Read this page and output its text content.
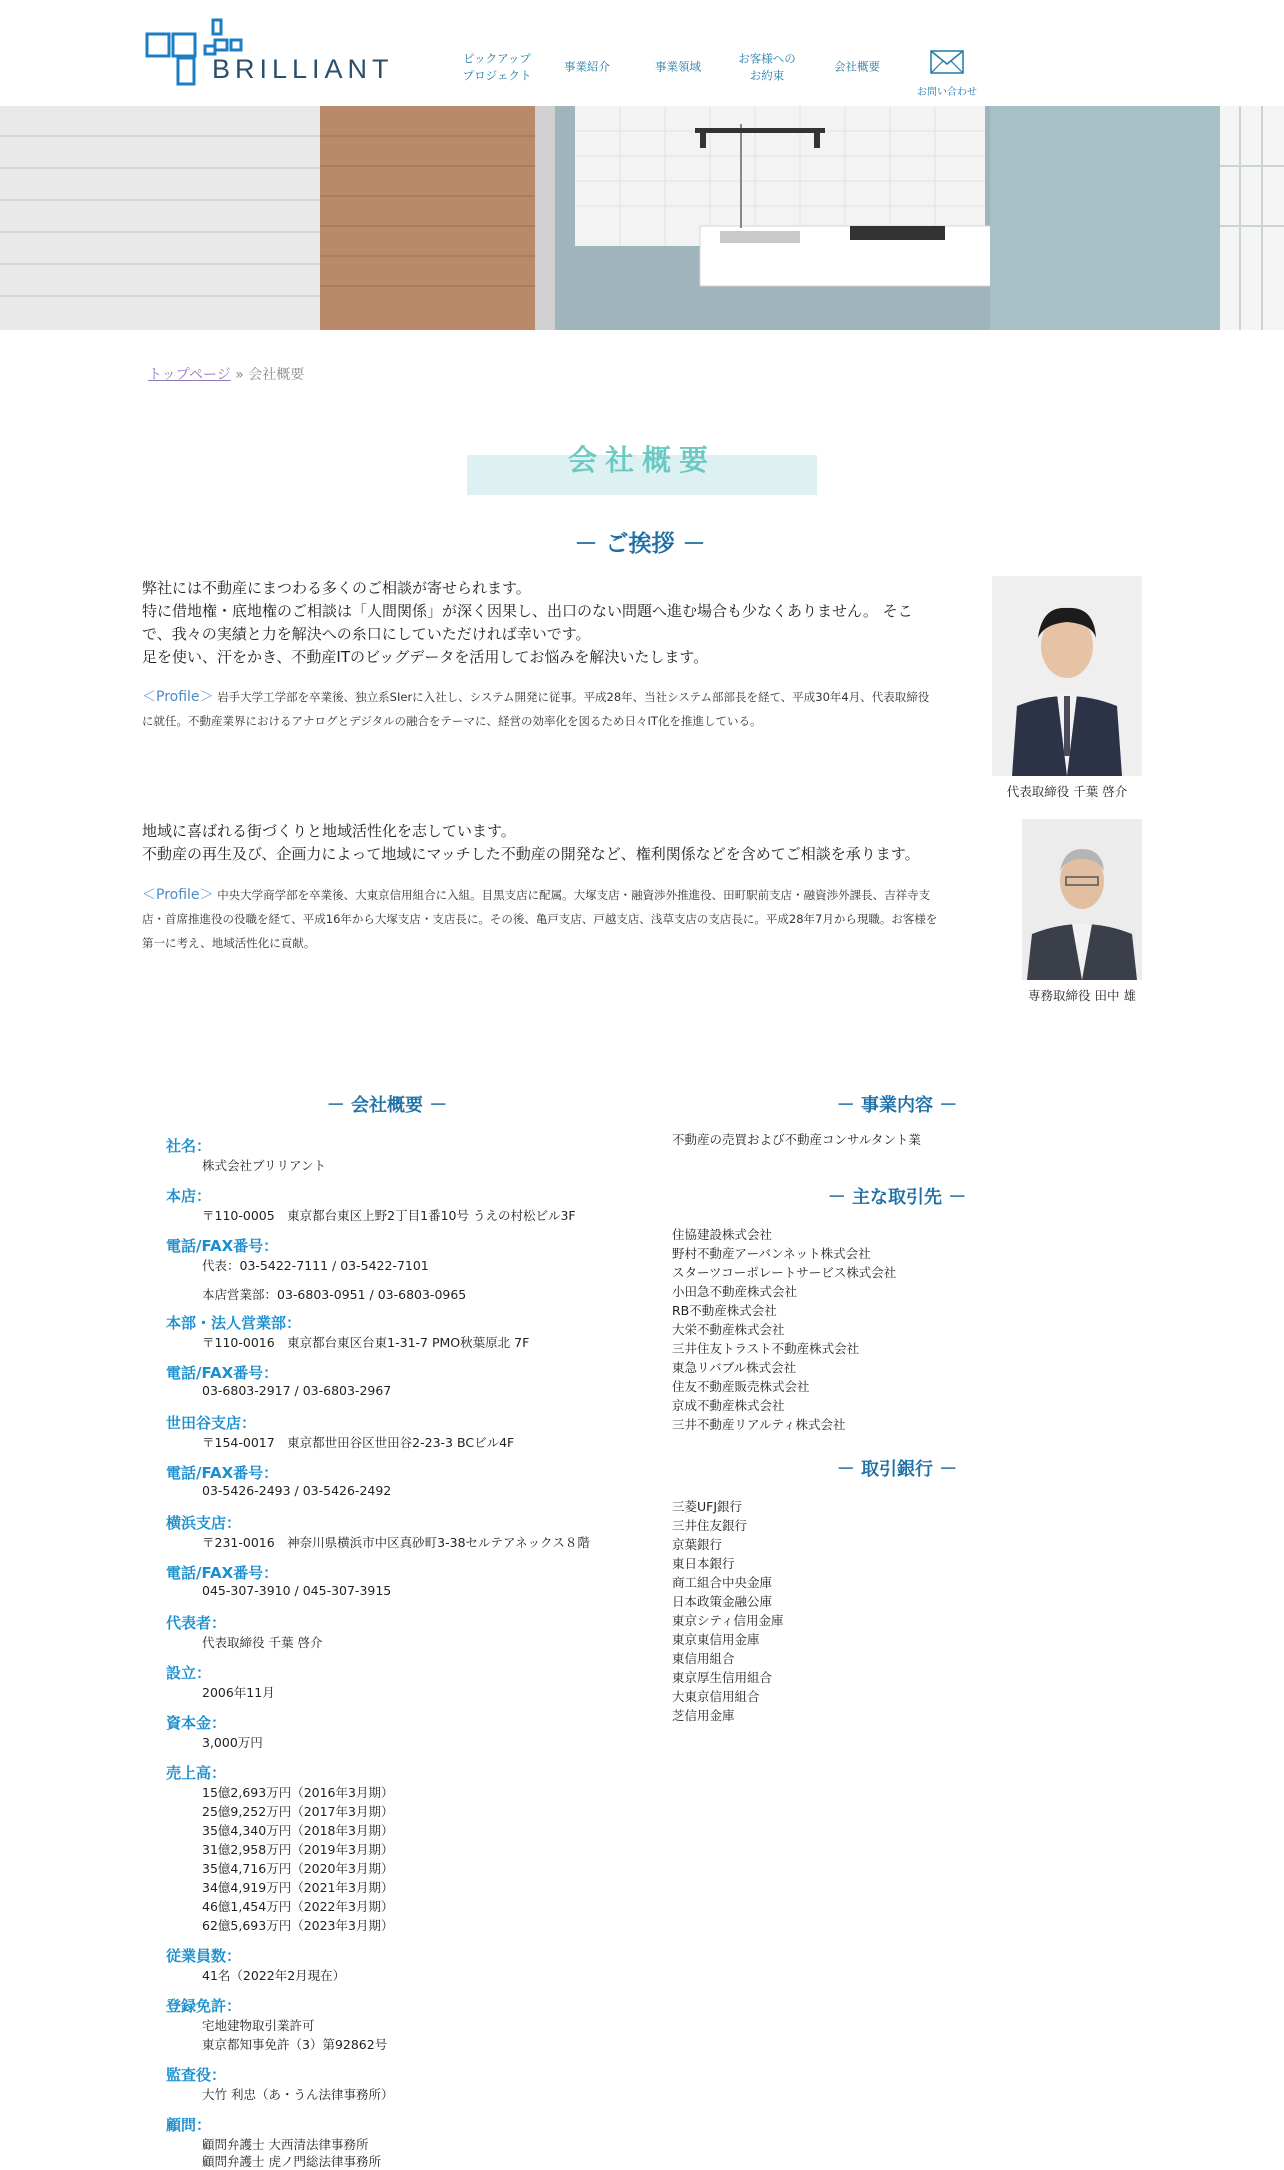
BRILLIANT	ピックアップ
プロジェクト
事業紹介	事業領域
お客様への
お約束
会社概要
お問い合わせ
トップページ » 会社概要
会社概要
－ ご挨拶 －
弊社には不動産にまつわる多くのご相談が寄せられます。
特に借地権・底地権のご相談は「人間関係」が深く因果し、出口のない問題へ進む場合も少なくありません。 そこで、我々の実績と力を解決への糸口にしていただければ幸いです。
足を使い、汗をかき、不動産ITのビッグデータを活用してお悩みを解決いたします。
＜Profile＞ 岩手大学工学部を卒業後、独立系SIerに入社し、システム開発に従事。平成28年、当社システム部部長を経て、平成30年4月、代表取締役に就任。不動産業界におけるアナログとデジタルの融合をテーマに、経営の効率化を図るため日々IT化を推進している。
代表取締役 千葉 啓介
地域に喜ばれる街づくりと地域活性化を志しています。
不動産の再生及び、企画力によって地域にマッチした不動産の開発など、権利関係などを含めてご相談を承ります。
＜Profile＞ 中央大学商学部を卒業後、大東京信用組合に入組。目黒支店に配属。大塚支店・融資渉外推進役、田町駅前支店・融資渉外課長、吉祥寺支店・首席推進役の役職を経て、平成16年から大塚支店・支店長に。その後、亀戸支店、戸越支店、浅草支店の支店長に。平成28年7月から現職。お客様を第一に考え、地域活性化に貢献。
専務取締役 田中 雄
－ 会社概要 －
社名：
株式会社ブリリアント
本店：
〒110-0005　東京都台東区上野2丁目1番10号 うえの村松ビル3F
電話/FAX番号：
代表：03-5422-7111 / 03-5422-7101
本店営業部：03-6803-0951 / 03-6803-0965
本部・法人営業部：
〒110-0016　東京都台東区台東1-31-7 PMO秋葉原北 7F
電話/FAX番号：
03-6803-2917 / 03-6803-2967
世田谷支店：
〒154-0017　東京都世田谷区世田谷2-23-3 BCビル4F
電話/FAX番号：
03-5426-2493 / 03-5426-2492
横浜支店：
〒231-0016　神奈川県横浜市中区真砂町3-38セルテアネックス８階
電話/FAX番号：
045-307-3910 / 045-307-3915
代表者：
代表取締役 千葉 啓介
設立：
2006年11月
資本金：
3,000万円
売上高：
15億2,693万円（2016年3月期）
25億9,252万円（2017年3月期）
35億4,340万円（2018年3月期）
31億2,958万円（2019年3月期）
35億4,716万円（2020年3月期）
34億4,919万円（2021年3月期）
46億1,454万円（2022年3月期）
62億5,693万円（2023年3月期）
従業員数：
41名（2022年2月現在）
登録免許：
宅地建物取引業許可
東京都知事免許（3）第92862号
監査役：
大竹 利忠（あ・うん法律事務所）
顧問：
顧問弁護士 大西清法律事務所
顧問弁護士 虎ノ門総法律事務所
－ 事業内容 －
不動産の売買および不動産コンサルタント業
－ 主な取引先 －
住協建設株式会社
野村不動産アーバンネット株式会社
スターツコーポレートサービス株式会社
小田急不動産株式会社
RB不動産株式会社
大栄不動産株式会社
三井住友トラスト不動産株式会社
東急リバブル株式会社
住友不動産販売株式会社
京成不動産株式会社
三井不動産リアルティ株式会社
－ 取引銀行 －
三菱UFJ銀行
三井住友銀行
京葉銀行
東日本銀行
商工組合中央金庫
日本政策金融公庫
東京シティ信用金庫
東京東信用金庫
東信用組合
東京厚生信用組合
大東京信用組合
芝信用金庫
